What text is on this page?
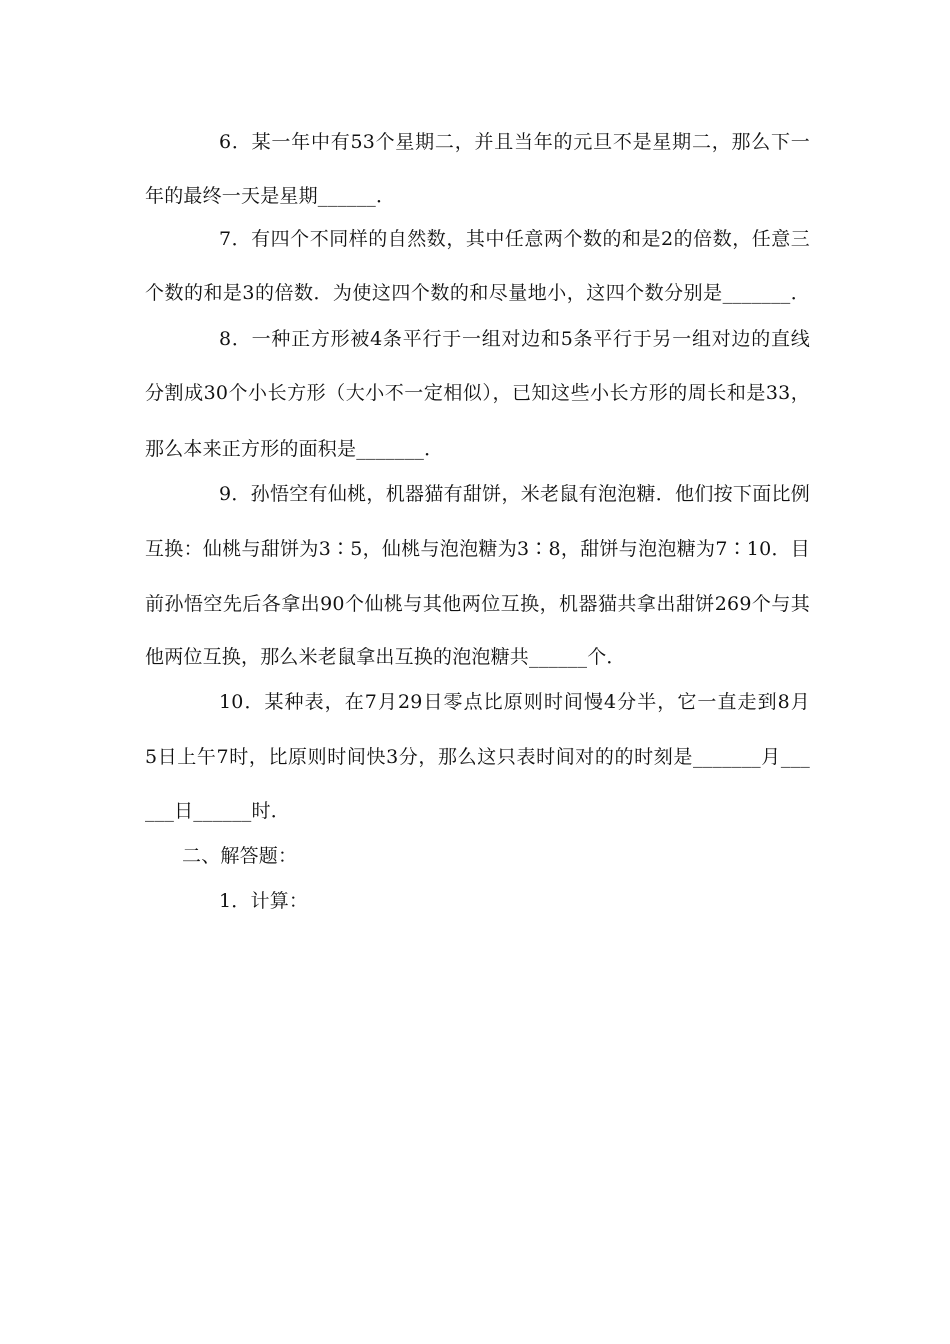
6．某一年中有53个星期二，并且当年的元旦不是星期二，那么下一
年的最终一天是星期______．
7．有四个不同样的自然数，其中任意两个数的和是2的倍数，任意三
个数的和是3的倍数．为使这四个数的和尽量地小，这四个数分别是_______．
8．一种正方形被4条平行于一组对边和5条平行于另一组对边的直线
分割成30个小长方形（大小不一定相似），已知这些小长方形的周长和是33，
那么本来正方形的面积是_______．
9．孙悟空有仙桃，机器猫有甜饼，米老鼠有泡泡糖．他们按下面比例
互换：仙桃与甜饼为3∶5，仙桃与泡泡糖为3∶8，甜饼与泡泡糖为7∶10．目
前孙悟空先后各拿出90个仙桃与其他两位互换，机器猫共拿出甜饼269个与其
他两位互换，那么米老鼠拿出互换的泡泡糖共______个．
10．某种表，在7月29日零点比原则时间慢4分半，它一直走到8月
5日上午7时，比原则时间快3分，那么这只表时间对的的时刻是_______月___
___日______时．
二、解答题：
1．计算：
